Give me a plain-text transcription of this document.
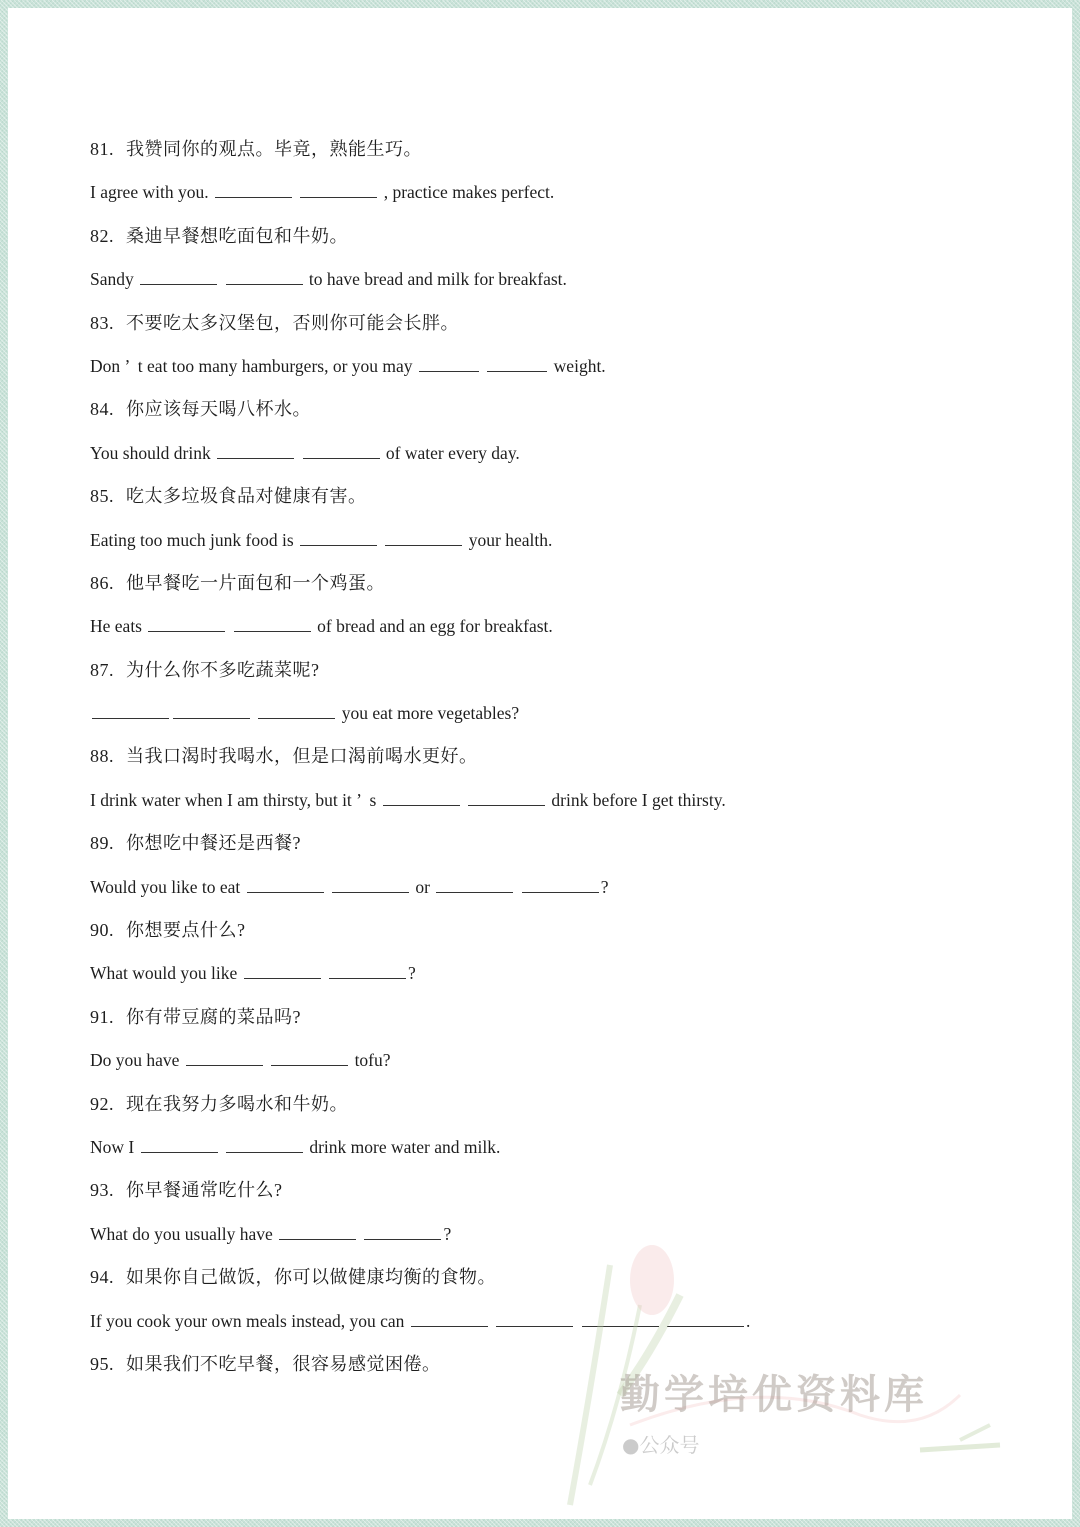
81. 我赞同你的观点。毕竟，熟能生巧。
I agree with you.	, practice makes perfect.
82. 桑迪早餐想吃面包和牛奶。
Sandy	to have bread and milk for breakfast.
83. 不要吃太多汉堡包，否则你可能会长胖。
Don ’  t eat too many hamburgers, or you may	weight.
84. 你应该每天喝八杯水。
You should drink	of water every day.
85. 吃太多垃圾食品对健康有害。
Eating too much junk food is	your health.
86. 他早餐吃一片面包和一个鸡蛋。
He eats	of bread and an egg for breakfast.
87. 为什么你不多吃蔬菜呢?
you eat more vegetables?
88. 当我口渴时我喝水，但是口渴前喝水更好。
I drink water when I am thirsty, but it ’  s	drink before I get thirsty.
89. 你想吃中餐还是西餐?
Would you like to eat	or	?
90. 你想要点什么?
What would you like	?
91. 你有带豆腐的菜品吗?
Do you have	tofu?
92. 现在我努力多喝水和牛奶。
Now I	drink more water and milk.
93. 你早餐通常吃什么?
What do you usually have	?
94. 如果你自己做饭，你可以做健康均衡的食物。
If you cook your own meals instead, you can	.
95. 如果我们不吃早餐，很容易感觉困倦。
勤学培优资料库
●公众号
